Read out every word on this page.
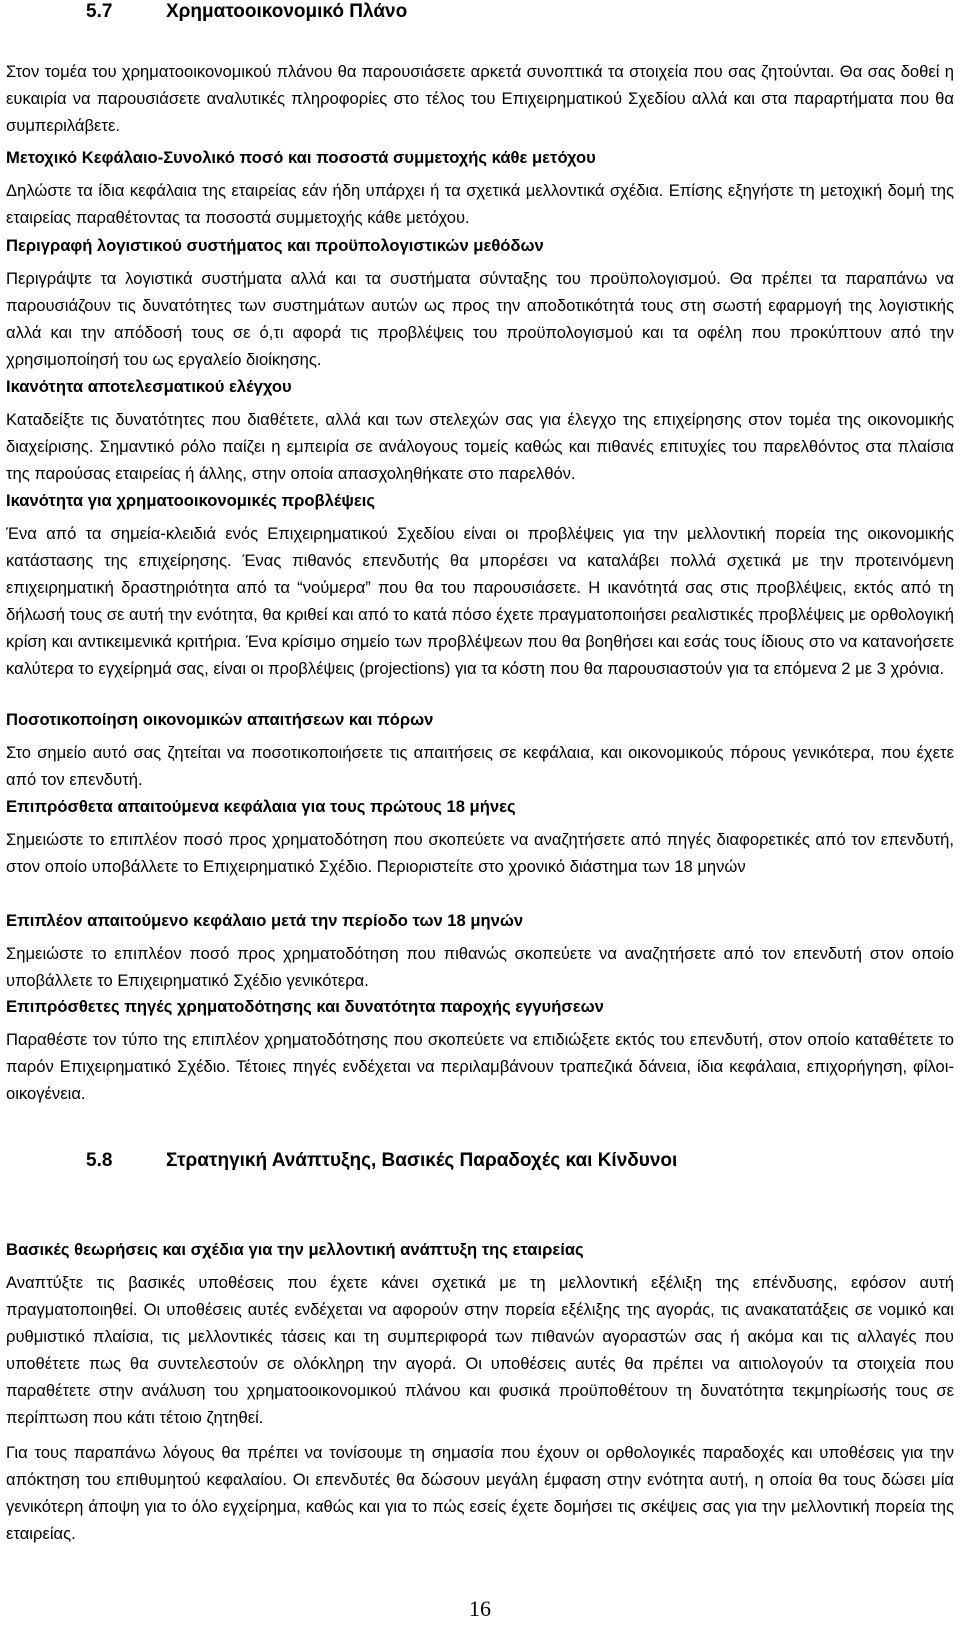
5.7	Χρηματοοικονομικό Πλάνο

Στον τομέα του χρηματοοικονομικού πλάνου θα παρουσιάσετε αρκετά συνοπτικά τα στοιχεία που σας ζητούνται. Θα σας δοθεί η ευκαιρία να παρουσιάσετε αναλυτικές πληροφορίες στο τέλος του Επιχειρηματικού Σχεδίου αλλά και στα παραρτήματα που θα συμπεριλάβετε.

Μετοχικό Κεφάλαιο-Συνολικό ποσό και ποσοστά συμμετοχής κάθε μετόχου

Δηλώστε τα ίδια κεφάλαια της εταιρείας εάν ήδη υπάρχει ή τα σχετικά μελλοντικά σχέδια. Επίσης εξηγήστε τη μετοχική δομή της εταιρείας παραθέτοντας τα ποσοστά συμμετοχής κάθε μετόχου.

Περιγραφή λογιστικού συστήματος και προϋπολογιστικών μεθόδων

Περιγράψτε τα λογιστικά συστήματα αλλά και τα συστήματα σύνταξης του προϋπολογισμού. Θα πρέπει τα παραπάνω να παρουσιάζουν τις δυνατότητες των συστημάτων αυτών ως προς την αποδοτικότητά τους στη σωστή εφαρμογή της λογιστικής αλλά και την απόδοσή τους σε ό,τι αφορά τις προβλέψεις του προϋπολογισμού και τα οφέλη που προκύπτουν από την χρησιμοποίησή του ως εργαλείο διοίκησης.

Ικανότητα αποτελεσματικού ελέγχου

Καταδείξτε τις δυνατότητες που διαθέτετε, αλλά και των στελεχών σας για έλεγχο της επιχείρησης στον τομέα της οικονομικής διαχείρισης. Σημαντικό ρόλο παίζει η εμπειρία σε ανάλογους τομείς καθώς και πιθανές επιτυχίες του παρελθόντος στα πλαίσια της παρούσας εταιρείας ή άλλης, στην οποία απασχοληθήκατε στο παρελθόν.

Ικανότητα για χρηματοοικονομικές προβλέψεις

Ένα από τα σημεία-κλειδιά ενός Επιχειρηματικού Σχεδίου είναι οι προβλέψεις για την μελλοντική πορεία της οικονομικής κατάστασης της επιχείρησης. Ένας πιθανός επενδυτής θα μπορέσει να καταλάβει πολλά σχετικά με την προτεινόμενη επιχειρηματική δραστηριότητα από τα “νούμερα” που θα του παρουσιάσετε. Η ικανότητά σας στις προβλέψεις, εκτός από τη δήλωσή τους σε αυτή την ενότητα, θα κριθεί και από το κατά πόσο έχετε πραγματοποιήσει ρεαλιστικές προβλέψεις με ορθολογική κρίση και αντικειμενικά κριτήρια. Ένα κρίσιμο σημείο των προβλέψεων που θα βοηθήσει και εσάς τους ίδιους στο να κατανοήσετε καλύτερα το εγχείρημά σας, είναι οι προβλέψεις (projections) για τα κόστη που θα παρουσιαστούν για τα επόμενα 2 με 3 χρόνια.

Ποσοτικοποίηση οικονομικών απαιτήσεων και πόρων

Στο σημείο αυτό σας ζητείται να ποσοτικοποιήσετε τις απαιτήσεις σε κεφάλαια, και οικονομικούς πόρους γενικότερα, που έχετε από τον επενδυτή.

Επιπρόσθετα απαιτούμενα κεφάλαια για τους πρώτους 18 μήνες

Σημειώστε το επιπλέον ποσό προς χρηματοδότηση που σκοπεύετε να αναζητήσετε από πηγές διαφορετικές από τον επενδυτή, στον οποίο υποβάλλετε το Επιχειρηματικό Σχέδιο. Περιοριστείτε στο χρονικό διάστημα των 18 μηνών

Επιπλέον απαιτούμενο κεφάλαιο μετά την περίοδο των 18 μηνών

Σημειώστε το επιπλέον ποσό προς χρηματοδότηση που πιθανώς σκοπεύετε να αναζητήσετε από τον επενδυτή στον οποίο υποβάλλετε το Επιχειρηματικό Σχέδιο γενικότερα.

Επιπρόσθετες πηγές χρηματοδότησης και δυνατότητα παροχής εγγυήσεων

Παραθέστε τον τύπο της επιπλέον χρηματοδότησης που σκοπεύετε να επιδιώξετε εκτός του επενδυτή, στον οποίο καταθέτετε το παρόν Επιχειρηματικό Σχέδιο. Τέτοιες πηγές ενδέχεται να περιλαμβάνουν τραπεζικά δάνεια, ίδια κεφάλαια, επιχορήγηση, φίλοι-οικογένεια.

5.8	Στρατηγική Ανάπτυξης, Βασικές Παραδοχές και Κίνδυνοι

Βασικές θεωρήσεις και σχέδια για την μελλοντική ανάπτυξη της εταιρείας

Αναπτύξτε τις βασικές υποθέσεις που έχετε κάνει σχετικά με τη μελλοντική εξέλιξη της επένδυσης, εφόσον αυτή πραγματοποιηθεί. Οι υποθέσεις αυτές ενδέχεται να αφορούν στην πορεία εξέλιξης της αγοράς, τις ανακατατάξεις σε νομικό και ρυθμιστικό πλαίσια, τις μελλοντικές τάσεις και τη συμπεριφορά των πιθανών αγοραστών σας ή ακόμα και τις αλλαγές που υποθέτετε πως θα συντελεστούν σε ολόκληρη την αγορά. Οι υποθέσεις αυτές θα πρέπει να αιτιολογούν τα στοιχεία που παραθέτετε στην ανάλυση του χρηματοοικονομικού πλάνου και φυσικά προϋποθέτουν τη δυνατότητα τεκμηρίωσής τους σε περίπτωση που κάτι τέτοιο ζητηθεί.

Για τους παραπάνω λόγους θα πρέπει να τονίσουμε τη σημασία που έχουν οι ορθολογικές παραδοχές και υποθέσεις για την απόκτηση του επιθυμητού κεφαλαίου. Οι επενδυτές θα δώσουν μεγάλη έμφαση στην ενότητα αυτή, η οποία θα τους δώσει μία γενικότερη άποψη για το όλο εγχείρημα, καθώς και για το πώς εσείς έχετε δομήσει τις σκέψεις σας για την μελλοντική πορεία της εταιρείας.

16
